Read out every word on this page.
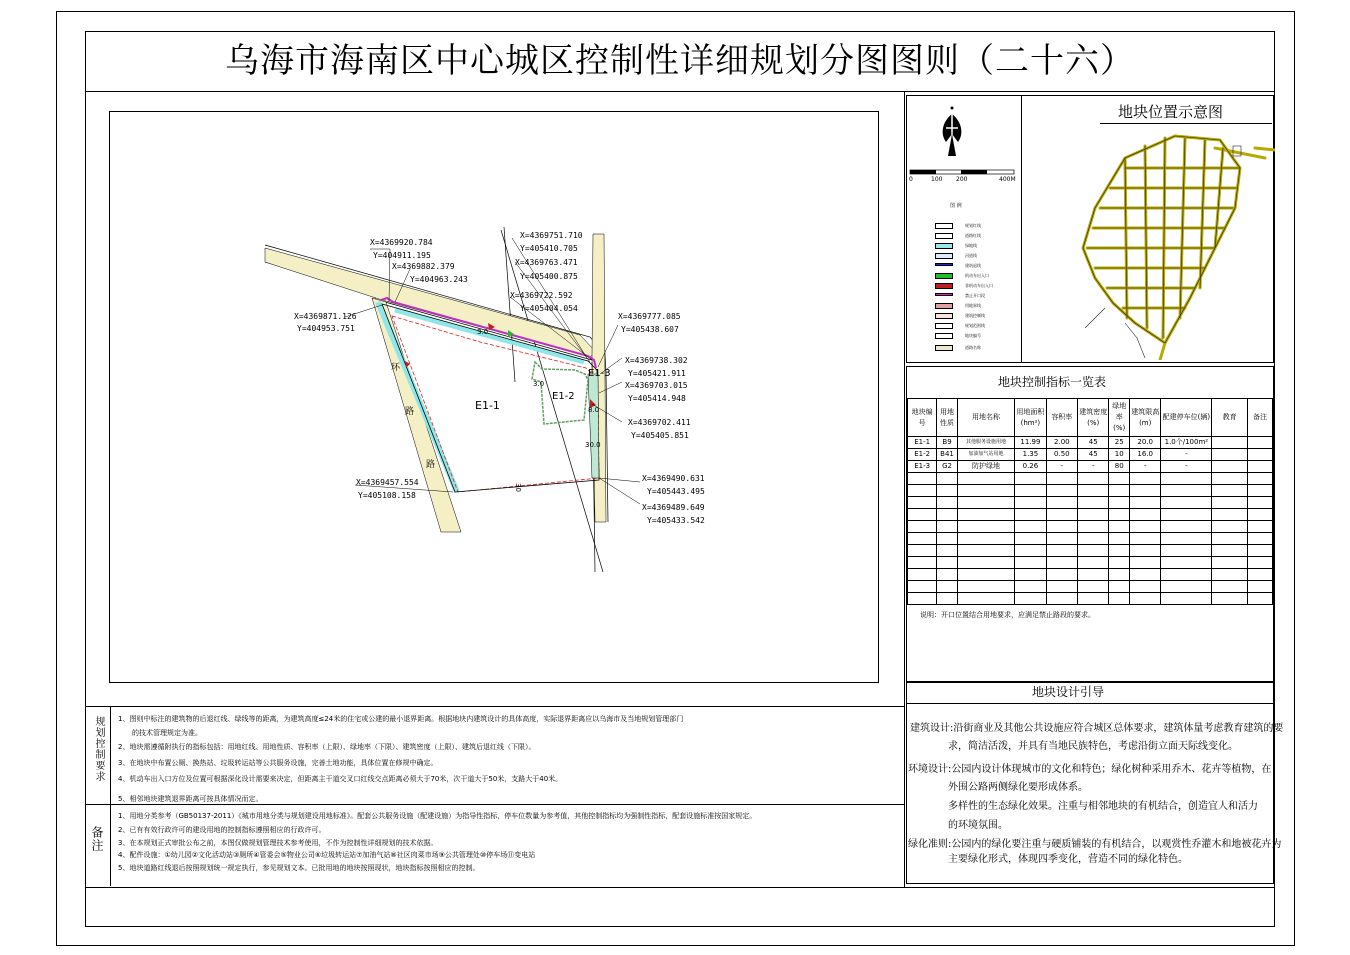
乌海市海南区中心城区控制性详细规划分图图则（二十六）
环
路
路
3.0
30
8.0
30.0
3.0
E1-1
E1-2
E1-3
X=4369920.784
Y=404911.195
X=4369882.379
Y=404963.243
X=4369871.126
Y=404953.751
X=4369751.710
Y=405410.705
X=4369763.471
Y=405400.875
X=4369722.592
Y=405404.054
X=4369777.085
Y=405438.607
X=4369738.302
Y=405421.911
X=4369703.015
Y=405414.948
X=4369702.411
Y=405405.851
X=4369457.554
Y=405108.158
X=4369490.631
Y=405443.495
X=4369489.649
Y=405433.542
地块位置示意图
0	100 200	400M
图 例
规划红线
道路红线
绿地线
河道线
建筑退线
机动车出入口
非机动车出入口
禁止开口段
用地界线
建筑控制线
规划范围线
地块编号
道路名称
地块控制指标一览表
地块编号	用地性质	用地名称	用地面积(hm²)	容积率	建筑密度(%)	绿地率(%)	建筑限高(m)	配建停车位(辆)	教育	备注
E1-1	B9	其他服务设施用地	11.99	2.00	45	25	20.0	1.0个/100m²		
E1-2	B41	加油加气站用地	1.35	0.50	45	10	16.0	-		
E1-3	G2	防护绿地	0.26	-	-	80	-	-		

说明：开口位置结合用地要求，应满足禁止路段的要求。
地块设计引导
建筑设计:沿街商业及其他公共设施应符合城区总体要求，建筑体量考虑教育建筑的要
求，简洁活泼，并具有当地民族特色，考虑沿街立面天际线变化。
环境设计:公园内设计体现城市的文化和特色；绿化树种采用乔木、花卉等植物，在
外围公路两侧绿化要形成体系。
多样性的生态绿化效果。注重与相邻地块的有机结合，创造宜人和活力
的环境氛围。
绿化准则:公园内的绿化要注重与硬质铺装的有机结合，以观赏性乔灌木和地被花卉为
主要绿化形式，体现四季变化，营造不同的绿化特色。
规划控制要求
备注
1、图则中标注的建筑物的后退红线、绿线等的距离，为建筑高度≤24米的住宅或公建的最小退界距离。根据地块内建筑设计的具体高度，实际退界距离应以乌海市及当地规划管理部门
的技术管理规定为准。
2、地块需遵循附执行的指标包括：用地红线、用地性质、容积率（上限）、绿地率（下限）、建筑密度（上限）、建筑后退红线（下限）。
3、在地块中布置公厕、换热站、垃圾转运站等公共服务设施，完善土地功能，具体位置在修规中确定。
4、机动车出入口方位及位置可根据深化设计需要来决定，但距离主干道交叉口红线交点距离必须大于70米，次干道大于50米，支路大于40米。
5、相邻地块建筑退界距离可按具体情况而定。
1、用地分类参考（GB50137-2011）《城市用地分类与规划建设用地标准》。配套公共服务设施（配建设施）为指导性指标，停车位数量为参考值，其他控制指标均为强制性指标，配套设施标准按国家规定。
2、已有有效行政许可的建设用地的控制指标遵照相应的行政许可。
3、在本规划正式审批公布之前，本图仅做规划管理技术参考使用，不作为控制性详细规划的技术依据。
4、配件设施：①幼儿园②文化活动站③厕所④管委会⑤物业公司⑥垃圾转运站⑦加油气站⑧社区肉菜市场⑨公共管理处⑩停车场⑪变电站
5、地块道路红线退后按照规划统一规定执行，参见规划文本。已批用地的地块按照现状，地块指标按照相应的控制。
